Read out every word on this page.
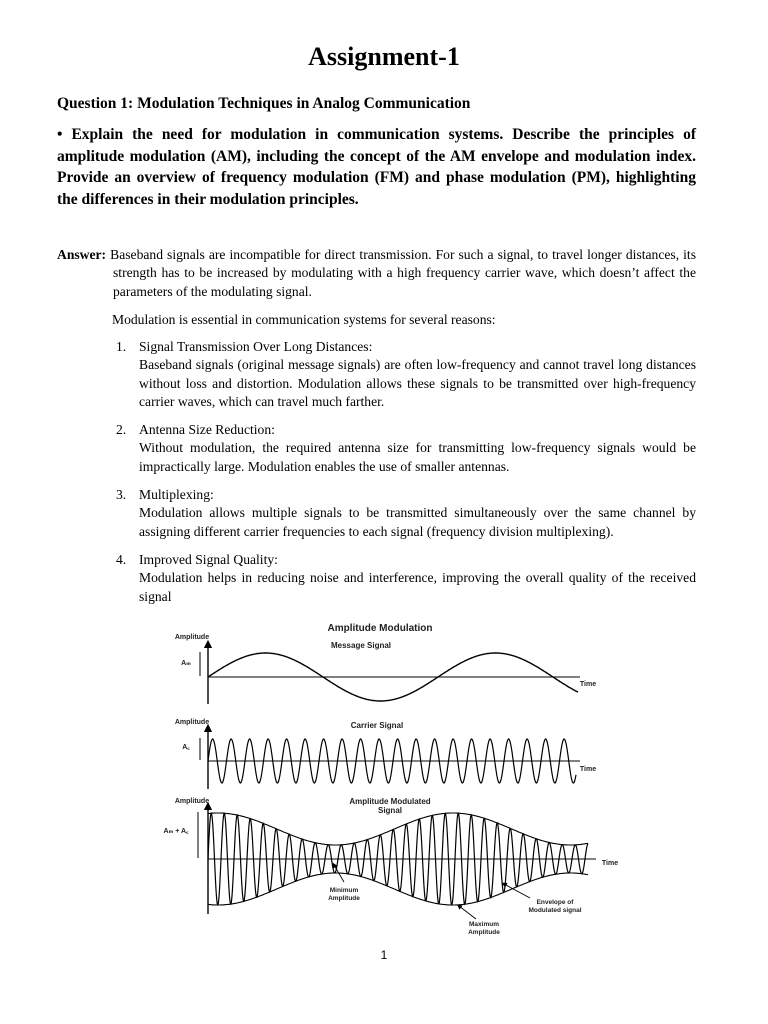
Assignment-1

Question 1: Modulation Techniques in Analog Communication

• Explain the need for modulation in communication systems. Describe the principles of amplitude modulation (AM), including the concept of the AM envelope and modulation index. Provide an overview of frequency modulation (FM) and phase modulation (PM), highlighting the differences in their modulation principles.

Answer: Baseband signals are incompatible for direct transmission. For such a signal, to travel longer distances, its strength has to be increased by modulating with a high frequency carrier wave, which doesn’t affect the parameters of the modulating signal.

Modulation is essential in communication systems for several reasons:

1. Signal Transmission Over Long Distances:
Baseband signals (original message signals) are often low-frequency and cannot travel long distances without loss and distortion. Modulation allows these signals to be transmitted over high-frequency carrier waves, which can travel much farther.
2. Antenna Size Reduction:
Without modulation, the required antenna size for transmitting low-frequency signals would be impractically large. Modulation enables the use of smaller antennas.
3. Multiplexing:
Modulation allows multiple signals to be transmitted simultaneously over the same channel by assigning different carrier frequencies to each signal (frequency division multiplexing).
4. Improved Signal Quality:
Modulation helps in reducing noise and interference, improving the overall quality of the received signal
Amplitude Modulation
Message Signal
Amplitude
Time
Aₘ
Carrier Signal
Amplitude
Time
A꜀
Amplitude Modulated
Signal
Amplitude
Time
Aₘ + A꜀
Minimum
Amplitude
Maximum
Amplitude
Envelope of
Modulated signal

1
